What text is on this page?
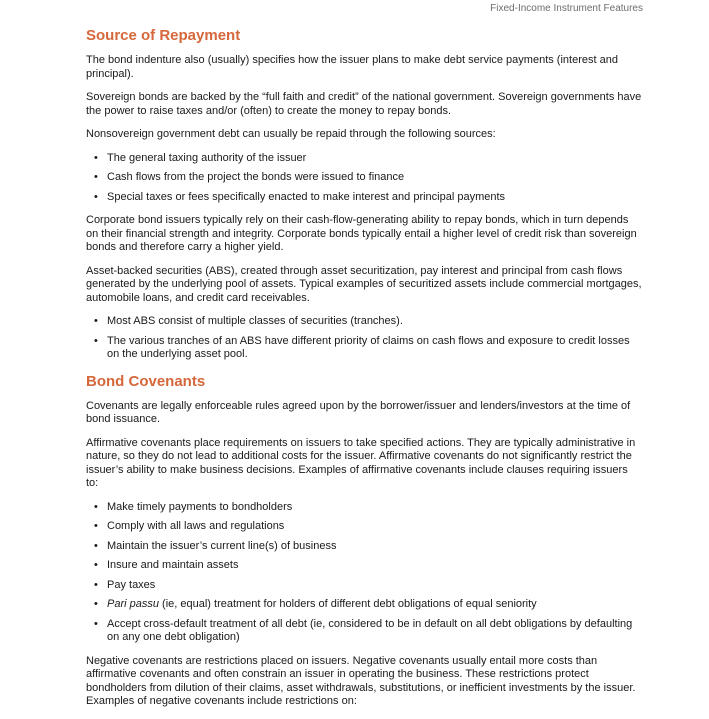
Fixed-Income Instrument Features
Source of Repayment

The bond indenture also (usually) specifies how the issuer plans to make debt service payments (interest and principal).

Sovereign bonds are backed by the “full faith and credit” of the national government. Sovereign governments have the power to raise taxes and/or (often) to create the money to repay bonds.

Nonsovereign government debt can usually be repaid through the following sources:

• The general taxing authority of the issuer
• Cash flows from the project the bonds were issued to finance
• Special taxes or fees specifically enacted to make interest and principal payments

Corporate bond issuers typically rely on their cash-flow-generating ability to repay bonds, which in turn depends on their financial strength and integrity. Corporate bonds typically entail a higher level of credit risk than sovereign bonds and therefore carry a higher yield.

Asset-backed securities (ABS), created through asset securitization, pay interest and principal from cash flows generated by the underlying pool of assets. Typical examples of securitized assets include commercial mortgages, automobile loans, and credit card receivables.

• Most ABS consist of multiple classes of securities (tranches).
• The various tranches of an ABS have different priority of claims on cash flows and exposure to credit losses on the underlying asset pool.
Bond Covenants

Covenants are legally enforceable rules agreed upon by the borrower/issuer and lenders/investors at the time of bond issuance.

Affirmative covenants place requirements on issuers to take specified actions. They are typically administrative in nature, so they do not lead to additional costs for the issuer. Affirmative covenants do not significantly restrict the issuer’s ability to make business decisions. Examples of affirmative covenants include clauses requiring issuers to:

• Make timely payments to bondholders
• Comply with all laws and regulations
• Maintain the issuer’s current line(s) of business
• Insure and maintain assets
• Pay taxes
• Pari passu (ie, equal) treatment for holders of different debt obligations of equal seniority
• Accept cross-default treatment of all debt (ie, considered to be in default on all debt obligations by defaulting on any one debt obligation)

Negative covenants are restrictions placed on issuers. Negative covenants usually entail more costs than affirmative covenants and often constrain an issuer in operating the business. These restrictions protect bondholders from dilution of their claims, asset withdrawals, substitutions, or inefficient investments by the issuer. Examples of negative covenants include restrictions on:
